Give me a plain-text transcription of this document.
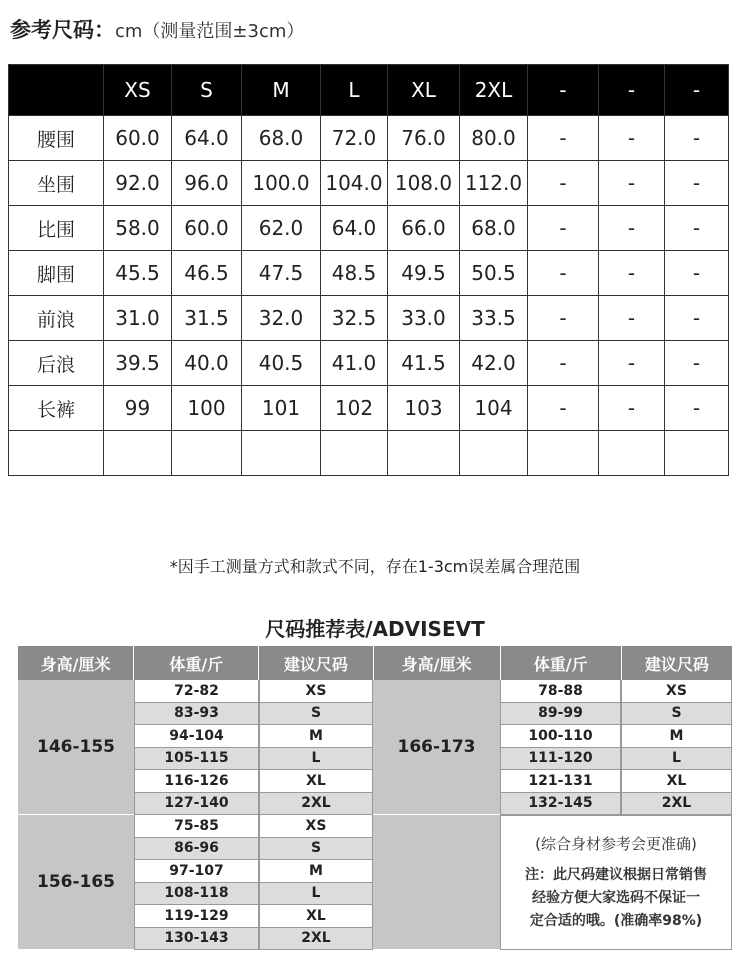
参考尺码：cm（测量范围±3cm）
	XS	S	M	L	XL	2XL	-	-	-
腰围	60.0	64.0	68.0	72.0	76.0	80.0	-	-	-
坐围	92.0	96.0	100.0	104.0	108.0	112.0	-	-	-
比围	58.0	60.0	62.0	64.0	66.0	68.0	-	-	-
脚围	45.5	46.5	47.5	48.5	49.5	50.5	-	-	-
前浪	31.0	31.5	32.0	32.5	33.0	33.5	-	-	-
后浪	39.5	40.0	40.5	41.0	41.5	42.0	-	-	-
长裤	99	100	101	102	103	104	-	-	-

*因手工测量方式和款式不同，存在1-3cm误差属合理范围
尺码推荐表/ADVISEVT
身高/厘米	体重/斤	建议尺码	身高/厘米	体重/斤	建议尺码
146-155
72-82	XS
83-93	S
94-104	M
105-115	L
116-126	XL
127-140	2XL
166-173
78-88	XS
89-99	S
100-110	M
111-120	L
121-131	XL
132-145	2XL
156-165
75-85	XS
86-96	S
97-107	M
108-118	L
119-129	XL
130-143	2XL
(综合身材参考会更准确)
注：此尺码建议根据日常销售
经验方便大家选码不保证一
定合适的哦。(准确率98%)
